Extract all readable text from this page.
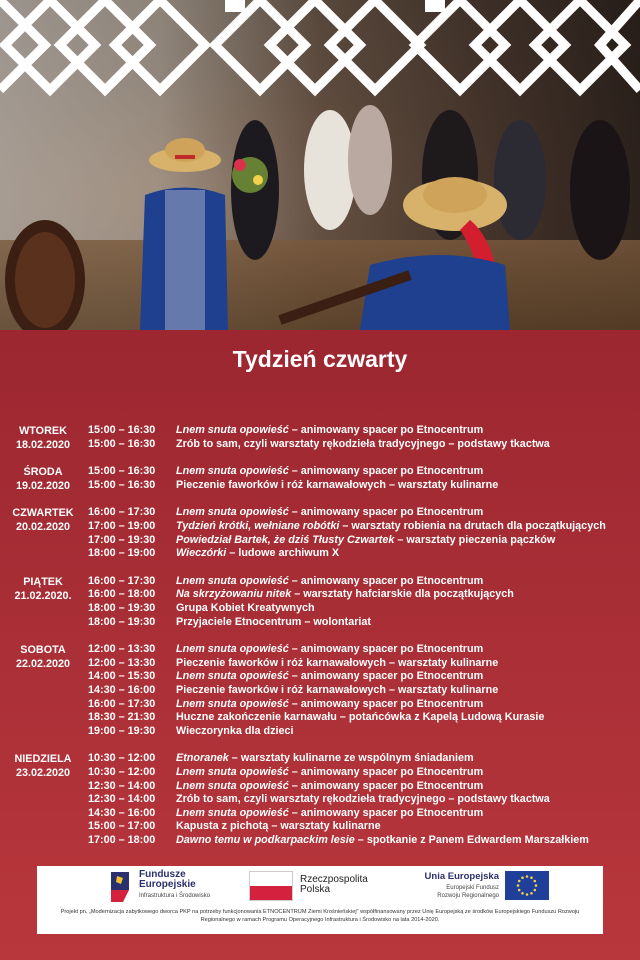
Tydzień czwarty
WTOREK
18.02.2020
15:00 – 16:30 Lnem snuta opowieść – animowany spacer po Etnocentrum
15:00 – 16:30 Zrób to sam, czyli warsztaty rękodzieła tradycyjnego – podstawy tkactwa
ŚRODA
19.02.2020
15:00 – 16:30 Lnem snuta opowieść – animowany spacer po Etnocentrum
15:00 – 16:30 Pieczenie faworków i róż karnawałowych – warsztaty kulinarne
CZWARTEK
20.02.2020
16:00 – 17:30 Lnem snuta opowieść – animowany spacer po Etnocentrum
17:00 – 19:00 Tydzień krótki, wełniane robótki – warsztaty robienia na drutach dla początkujących
17:00 – 19:30 Powiedział Bartek, że dziś Tłusty Czwartek – warsztaty pieczenia pączków
18:00 – 19:00 Wieczórki – ludowe archiwum X
PIĄTEK
21.02.2020.
16:00 – 17:30 Lnem snuta opowieść – animowany spacer po Etnocentrum
16:00 – 18:00 Na skrzyżowaniu nitek – warsztaty hafciarskie dla początkujących
18:00 – 19:30 Grupa Kobiet Kreatywnych
18:00 – 19:30 Przyjaciele Etnocentrum – wolontariat
SOBOTA
22.02.2020
12:00 – 13:30 Lnem snuta opowieść – animowany spacer po Etnocentrum
12:00 – 13:30 Pieczenie faworków i róż karnawałowych – warsztaty kulinarne
14:00 – 15:30 Lnem snuta opowieść – animowany spacer po Etnocentrum
14:30 – 16:00 Pieczenie faworków i róż karnawałowych – warsztaty kulinarne
16:00 – 17:30 Lnem snuta opowieść – animowany spacer po Etnocentrum
18:30 – 21:30 Huczne zakończenie karnawału – potańcówka z Kapelą Ludową Kurasie
19:00 – 19:30 Wieczorynka dla dzieci
NIEDZIELA
23.02.2020
10:30 – 12:00 Etnoranek – warsztaty kulinarne ze wspólnym śniadaniem
10:30 – 12:00 Lnem snuta opowieść – animowany spacer po Etnocentrum
12:30 – 14:00 Lnem snuta opowieść – animowany spacer po Etnocentrum
12:30 – 14:00 Zrób to sam, czyli warsztaty rękodzieła tradycyjnego – podstawy tkactwa
14:30 – 16:00 Lnem snuta opowieść – animowany spacer po Etnocentrum
15:00 – 17:00 Kapusta z pichotą – warsztaty kulinarne
17:00 – 18:00 Dawno temu w podkarpackim lesie – spotkanie z Panem Edwardem Marszałkiem
Fundusze
Europejskie
Infrastruktura i Środowisko
Rzeczpospolita
Polska
Unia Europejska
Europejski Fundusz
Rozwoju Regionalnego
Projekt pn. „Modernizacja zabytkowego dworca PKP na potrzeby funkcjonowania ETNOCENTRUM Ziemi Krośnieńskiej" współfinansowany przez Unię Europejską ze środków Europejskiego Funduszu Rozwoju Regionalnego w ramach Programu Operacyjnego Infrastruktura i Środowisko na lata 2014-2020.
